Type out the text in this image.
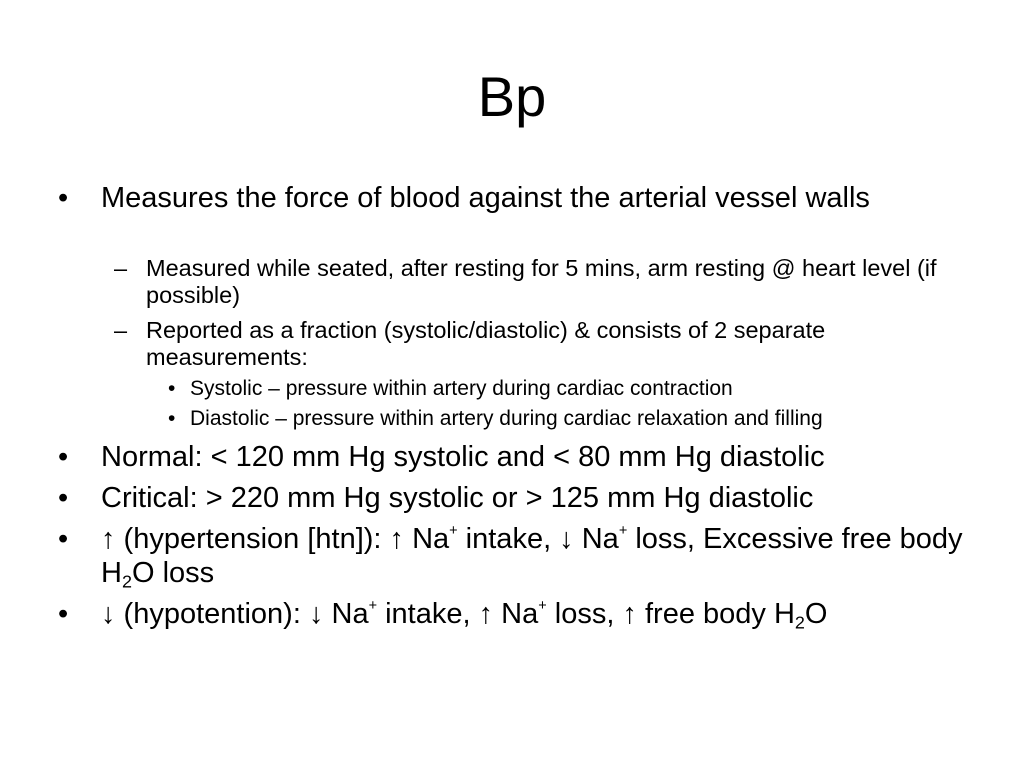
Bp
• Measures the force of blood against the arterial vessel walls
– Measured while seated, after resting for 5 mins, arm resting @ heart level (if possible)
– Reported as a fraction (systolic/diastolic) & consists of 2 separate measurements:
• Systolic – pressure within artery during cardiac contraction
• Diastolic – pressure within artery during cardiac relaxation and filling
• Normal: < 120 mm Hg systolic and < 80 mm Hg diastolic
• Critical: > 220 mm Hg systolic or > 125 mm Hg diastolic
• ↑ (hypertension [htn]): ↑ Na+ intake, ↓ Na+ loss, Excessive free body $H_2O$ loss
• ↓ (hypotention): ↓ Na+ intake, ↑ Na+ loss, ↑ free body $H_2O$
